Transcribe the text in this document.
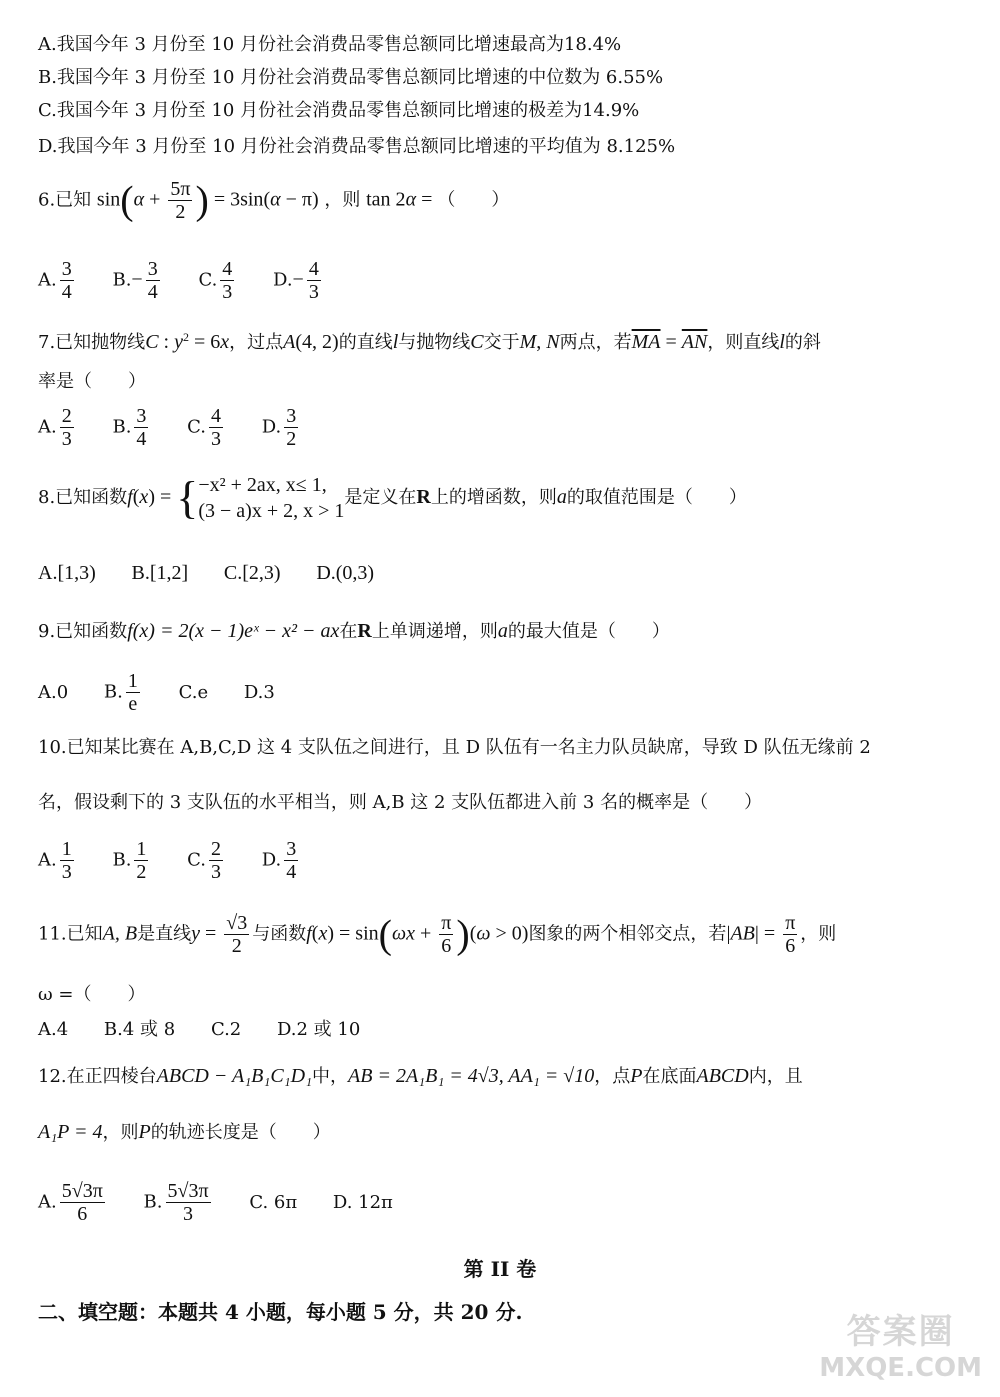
A.我国今年 3 月份至 10 月份社会消费品零售总额同比增速最高为18.4%
B.我国今年 3 月份至 10 月份社会消费品零售总额同比增速的中位数为 6.55%
C.我国今年 3 月份至 10 月份社会消费品零售总额同比增速的极差为14.9%
D.我国今年 3 月份至 10 月份社会消费品零售总额同比增速的平均值为 8.125%
6.已知 $\sin(\alpha + \frac{5\pi}{2}$ ) = 3sin(α − π) ，则 tan 2α = （　　）
A. $\frac{3}{4} B.- \frac{3}{4} C$. $\frac{4}{3} D.- \frac{4}{3}$
7.已知抛物线C : $y^2 = 6x$，过点A(4, 2)的直线l与抛物线C交于M, N两点，若$\overline{MA} = \overline{AN}$，则直线l的斜
率是（　　）
A. $\frac{2}{3} B$. $\frac{3}{4} C$. $\frac{4}{3} D$. $\frac{3}{2}$
8.已知函数f(x) = { −x² + 2ax, x≤ 1,
(3 − a)x + 2, x > 1
是定义在R上的增函数，则a的取值范围是（　　）
A.[1,3) B.[1,2] C.[2,3) D.(0,3)
9.已知函数f(x) = 2(x − 1)eˣ − x² − ax在R上单调递增，则a的最大值是（　　）
A.0 B. $\frac{1}{e} C.e$ D.3
10.已知某比赛在 A,B,C,D 这 4 支队伍之间进行，且 D 队伍有一名主力队员缺席，导致 D 队伍无缘前 2
名，假设剩下的 3 支队伍的水平相当，则 A,B 这 2 支队伍都进入前 3 名的概率是（　　）
A. $\frac{1}{3} B$. $\frac{1}{2} C$. $\frac{2}{3} D$. $\frac{3}{4}$
11.已知A, B是直线$y = \frac{√3}{2}$ 与函数$f(x) = \sin(\omega x + \frac{\pi}{6} )(\omega > 0)$图象的两个相邻交点，若$|AB| = \frac{\pi}{6}$ ，则
ω =（　　）
A.4 B.4 或 8 C.2 D.2 或 10
12.在正四棱台ABCD − A₁B₁C₁D₁中，AB = 2A₁B₁ = 4√3, AA₁ = √10，点P在底面ABCD内，且
A₁P = 4，则P的轨迹长度是（　　）
A. $\frac{5√3\pi}{6} B$. $\frac{5√3\pi}{3} C$. 6π D. 12π
第 II 卷
二、填空题：本题共 4 小题，每小题 5 分，共 20 分.	答案圈
MXQE.COM
